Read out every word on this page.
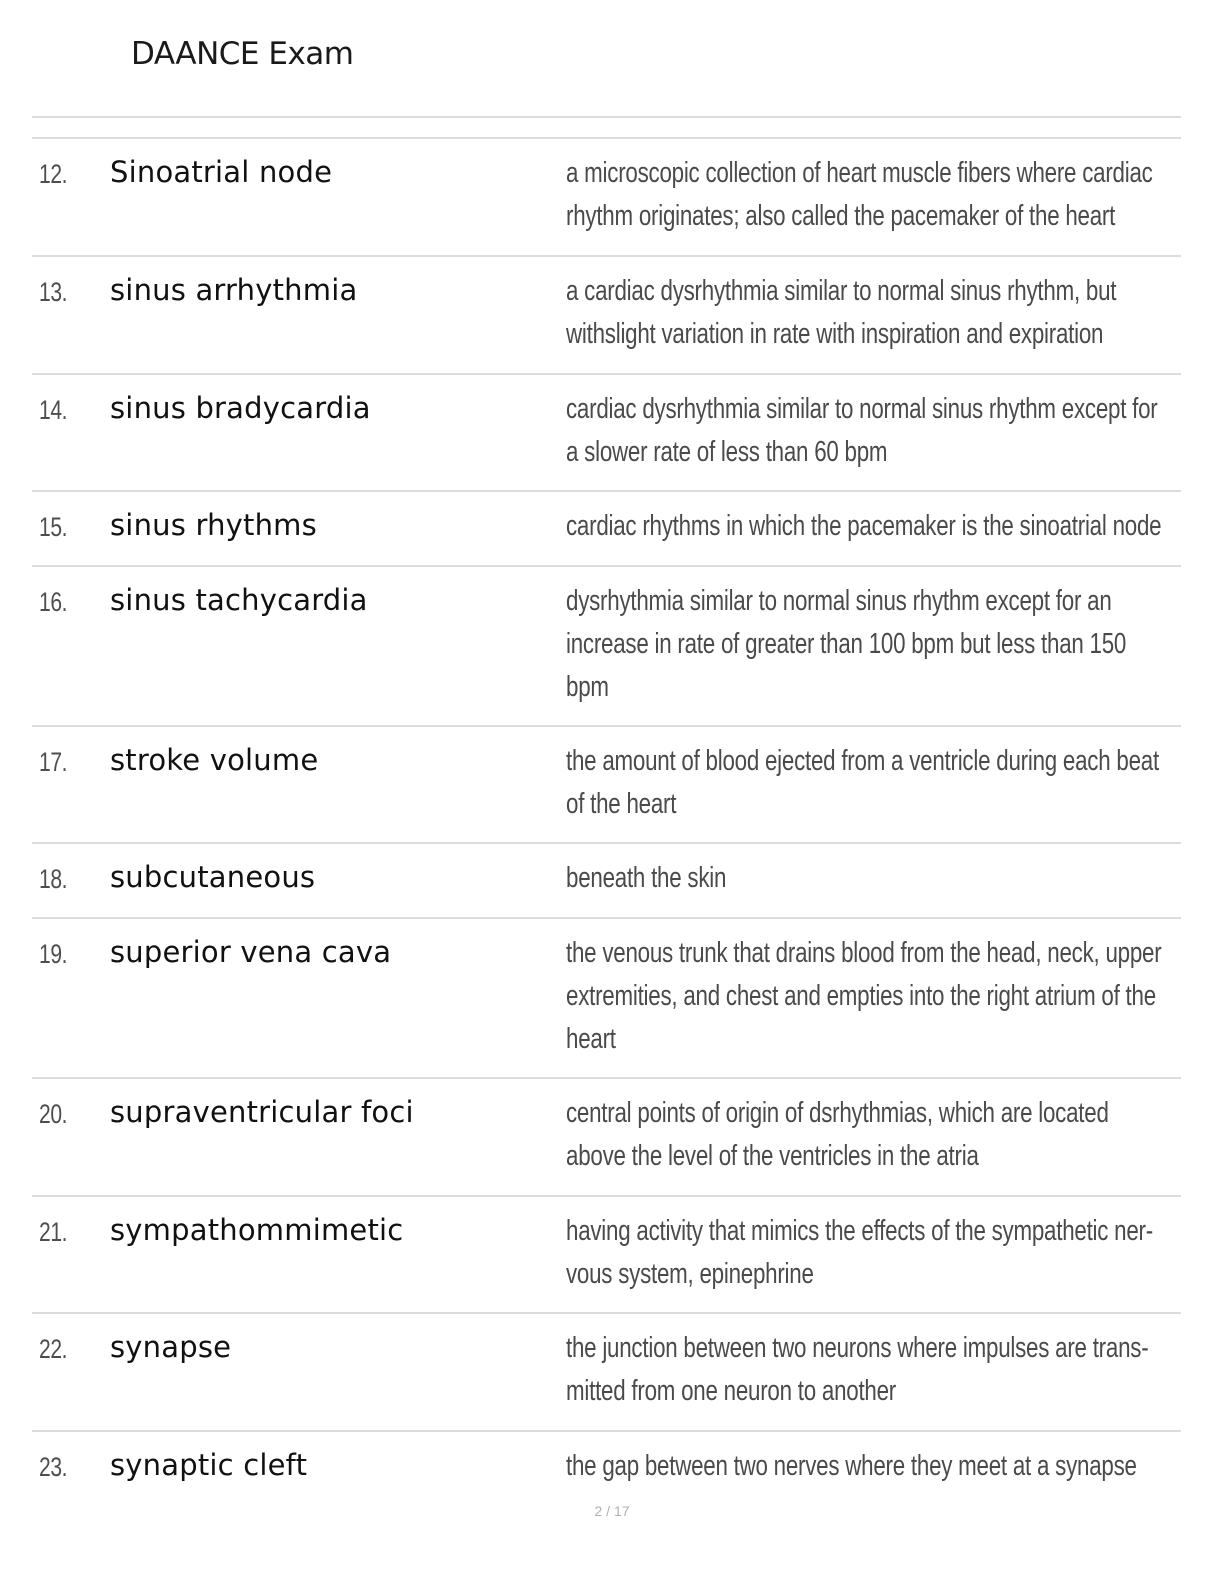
DAANCE Exam
12.	Sinoatrial node	a microscopic collection of heart muscle fibers where cardiac rhythm originates; also called the pacemaker of the heart
13.	sinus arrhythmia	a cardiac dysrhythmia similar to normal sinus rhythm, but withslight variation in rate with inspiration and expiration
14.	sinus bradycardia	cardiac dysrhythmia similar to normal sinus rhythm except for a slower rate of less than 60 bpm
15.	sinus rhythms	cardiac rhythms in which the pacemaker is the sinoatrial node
16.	sinus tachycardia	dysrhythmia similar to normal sinus rhythm except for an increase in rate of greater than 100 bpm but less than 150 bpm
17.	stroke volume	the amount of blood ejected from a ventricle during each beat of the heart
18.	subcutaneous	beneath the skin
19.	superior vena cava	the venous trunk that drains blood from the head, neck, upper extremities, and chest and empties into the right atrium of the heart
20.	supraventricular foci	central points of origin of dsrhythmias, which are located above the level of the ventricles in the atria
21.	sympathommimetic	having activity that mimics the effects of the sympathetic ner- vous system, epinephrine
22.	synapse	the junction between two neurons where impulses are trans- mitted from one neuron to another
23.	synaptic cleft	the gap between two nerves where they meet at a synapse
2 / 17
